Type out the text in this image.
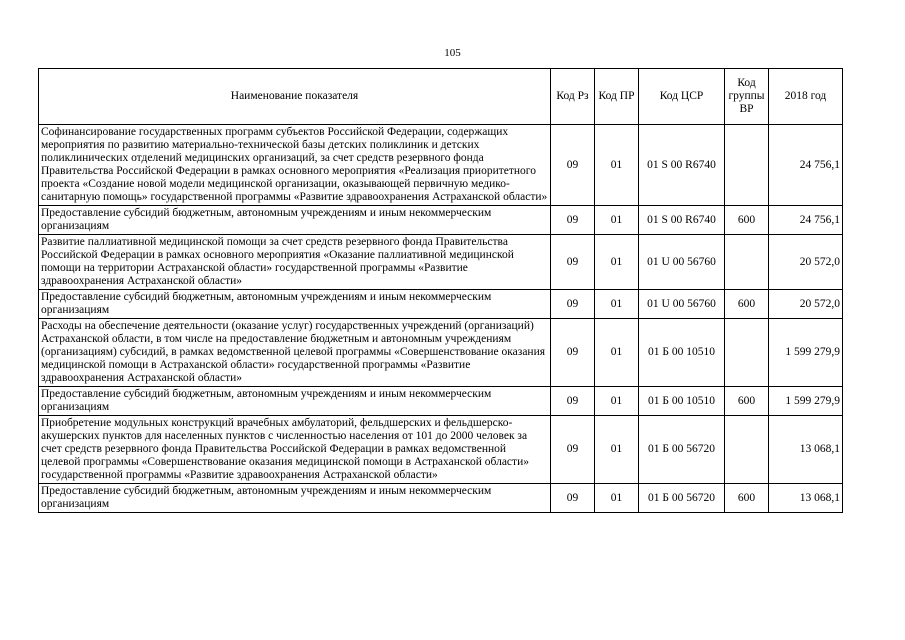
105
Наименование показателя	Код Рз	Код ПР	Код ЦСР	Код группы ВР	2018 год
Софинансирование государственных программ субъектов Российской Федерации, содержащих мероприятия по развитию материально-технической базы детских поликлиник и детских поликлинических отделений медицинских организаций, за счет средств резервного фонда Правительства Российской Федерации в рамках основного мероприятия «Реализация приоритетного проекта «Создание новой модели медицинской организации, оказывающей первичную медико-санитарную помощь» государственной программы «Развитие здравоохранения Астраханской области»	09	01	01 S 00 R6740		24 756,1
Предоставление субсидий бюджетным, автономным учреждениям и иным некоммерческим организациям	09	01	01 S 00 R6740	600	24 756,1
Развитие паллиативной медицинской помощи за счет средств резервного фонда Правительства Российской Федерации в рамках основного мероприятия «Оказание паллиативной медицинской помощи на территории Астраханской области» государственной программы «Развитие здравоохранения Астраханской области»	09	01	01 U 00 56760		20 572,0
Предоставление субсидий бюджетным, автономным учреждениям и иным некоммерческим организациям	09	01	01 U 00 56760	600	20 572,0
Расходы на обеспечение деятельности (оказание услуг) государственных учреждений (организаций) Астраханской области, в том числе на предоставление бюджетным и автономным учреждениям (организациям) субсидий, в рамках ведомственной целевой программы «Совершенствование оказания медицинской помощи в Астраханской области» государственной программы «Развитие здравоохранения Астраханской области»	09	01	01 Б 00 10510		1 599 279,9
Предоставление субсидий бюджетным, автономным учреждениям и иным некоммерческим организациям	09	01	01 Б 00 10510	600	1 599 279,9
Приобретение модульных конструкций врачебных амбулаторий, фельдшерских и фельдшерско-акушерских пунктов для населенных пунктов с численностью населения от 101 до 2000 человек за счет средств резервного фонда Правительства Российской Федерации в рамках ведомственной целевой программы «Совершенствование оказания медицинской помощи в Астраханской области» государственной программы «Развитие здравоохранения Астраханской области»	09	01	01 Б 00 56720		13 068,1
Предоставление субсидий бюджетным, автономным учреждениям и иным некоммерческим организациям	09	01	01 Б 00 56720	600	13 068,1
